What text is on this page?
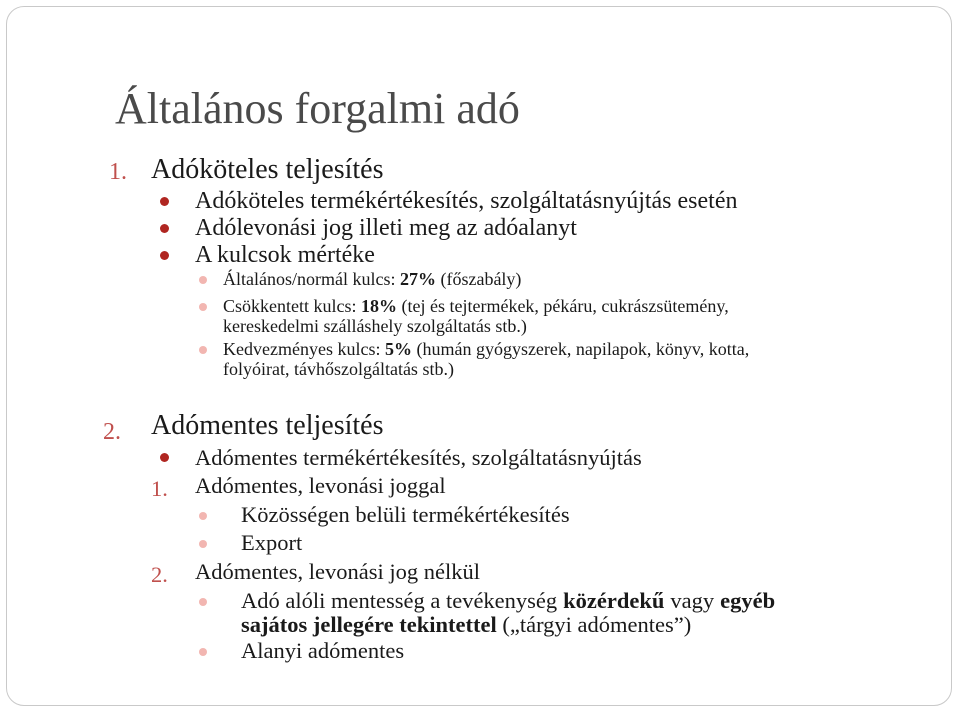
Általános forgalmi adó
1. Adóköteles teljesítés
Adóköteles termékértékesítés, szolgáltatásnyújtás esetén
Adólevonási jog illeti meg az adóalanyt
A kulcsok mértéke
Általános/normál kulcs: 27% (főszabály)
Csökkentett kulcs: 18% (tej és tejtermékek, pékáru, cukrászsütemény,
kereskedelmi szálláshely szolgáltatás stb.)
Kedvezményes kulcs: 5% (humán gyógyszerek, napilapok, könyv, kotta,
folyóirat, távhőszolgáltatás stb.)
2. Adómentes teljesítés
Adómentes termékértékesítés, szolgáltatásnyújtás
1. Adómentes, levonási joggal
Közösségen belüli termékértékesítés
Export
2. Adómentes, levonási jog nélkül
Adó alóli mentesség a tevékenység közérdekű vagy egyéb
sajátos jellegére tekintettel („tárgyi adómentes”)
Alanyi adómentes
